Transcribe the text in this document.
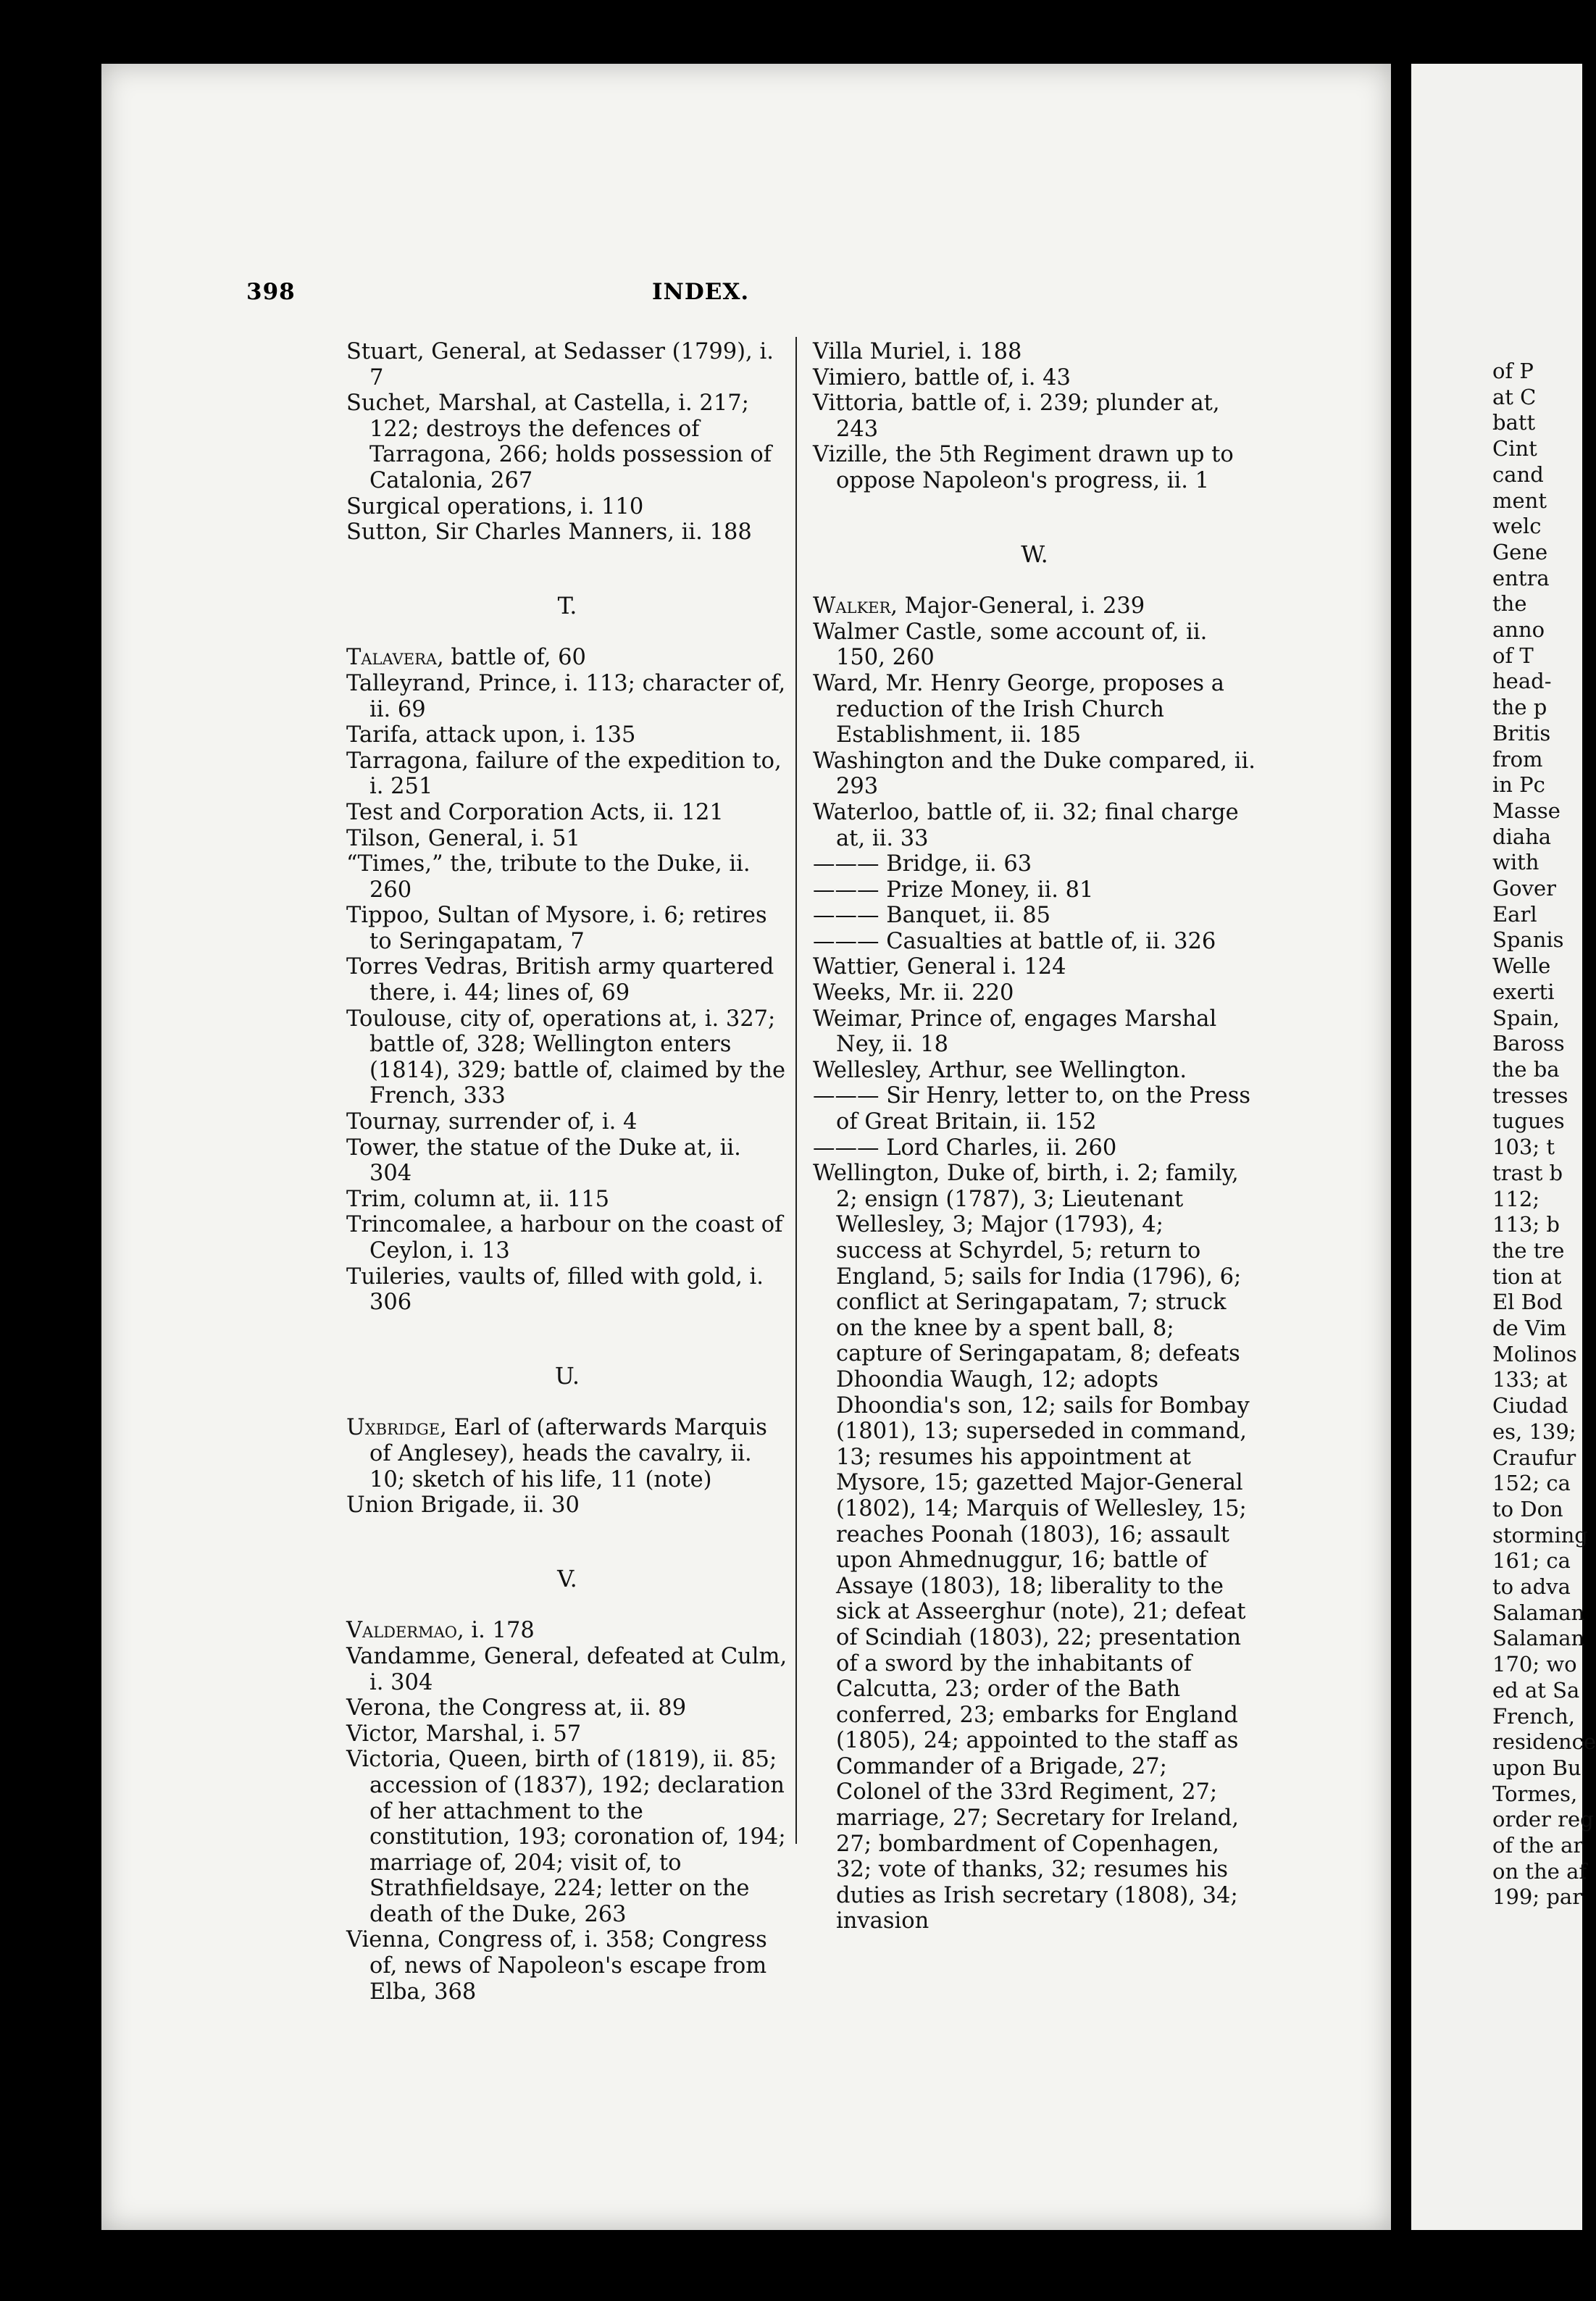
398	INDEX.
Stuart, General, at Sedasser (1799), i. 7
Suchet, Marshal, at Castella, i. 217; 122; destroys the defences of Tarragona, 266; holds possession of Catalonia, 267
Surgical operations, i. 110
Sutton, Sir Charles Manners, ii. 188
T.
Talavera, battle of, 60
Talleyrand, Prince, i. 113; character of, ii. 69
Tarifa, attack upon, i. 135
Tarragona, failure of the expedition to, i. 251
Test and Corporation Acts, ii. 121
Tilson, General, i. 51
“Times,” the, tribute to the Duke, ii. 260
Tippoo, Sultan of Mysore, i. 6; retires to Seringapatam, 7
Torres Vedras, British army quartered there, i. 44; lines of, 69
Toulouse, city of, operations at, i. 327; battle of, 328; Wellington enters (1814), 329; battle of, claimed by the French, 333
Tournay, surrender of, i. 4
Tower, the statue of the Duke at, ii. 304
Trim, column at, ii. 115
Trincomalee, a harbour on the coast of Ceylon, i. 13
Tuileries, vaults of, filled with gold, i. 306
U.
Uxbridge, Earl of (afterwards Marquis of Anglesey), heads the cavalry, ii. 10; sketch of his life, 11 (note)
Union Brigade, ii. 30
V.
Valdermao, i. 178
Vandamme, General, defeated at Culm, i. 304
Verona, the Congress at, ii. 89
Victor, Marshal, i. 57
Victoria, Queen, birth of (1819), ii. 85; accession of (1837), 192; declaration of her attachment to the constitution, 193; coronation of, 194; marriage of, 204; visit of, to Strathfieldsaye, 224; letter on the death of the Duke, 263
Vienna, Congress of, i. 358; Congress of, news of Napoleon's escape from Elba, 368
Villa Muriel, i. 188
Vimiero, battle of, i. 43
Vittoria, battle of, i. 239; plunder at, 243
Vizille, the 5th Regiment drawn up to oppose Napoleon's progress, ii. 1
W.
Walker, Major-General, i. 239
Walmer Castle, some account of, ii. 150, 260
Ward, Mr. Henry George, proposes a reduction of the Irish Church Establishment, ii. 185
Washington and the Duke compared, ii. 293
Waterloo, battle of, ii. 32; final charge at, ii. 33
——— Bridge, ii. 63
——— Prize Money, ii. 81
——— Banquet, ii. 85
——— Casualties at battle of, ii. 326
Wattier, General i. 124
Weeks, Mr. ii. 220
Weimar, Prince of, engages Marshal Ney, ii. 18
Wellesley, Arthur, see Wellington.
——— Sir Henry, letter to, on the Press of Great Britain, ii. 152
——— Lord Charles, ii. 260
Wellington, Duke of, birth, i. 2; family, 2; ensign (1787), 3; Lieutenant Wellesley, 3; Major (1793), 4; success at Schyrdel, 5; return to England, 5; sails for India (1796), 6; conflict at Seringapatam, 7; struck on the knee by a spent ball, 8; capture of Seringapatam, 8; defeats Dhoondia Waugh, 12; adopts Dhoondia's son, 12; sails for Bombay (1801), 13; superseded in command, 13; resumes his appointment at Mysore, 15; gazetted Major-General (1802), 14; Marquis of Wellesley, 15; reaches Poonah (1803), 16; assault upon Ahmednuggur, 16; battle of Assaye (1803), 18; liberality to the sick at Asseerghur (note), 21; defeat of Scindiah (1803), 22; presentation of a sword by the inhabitants of Calcutta, 23; order of the Bath conferred, 23; embarks for England (1805), 24; appointed to the staff as Commander of a Brigade, 27; Colonel of the 33rd Regiment, 27; marriage, 27; Secretary for Ireland, 27; bombardment of Copenhagen, 32; vote of thanks, 32; resumes his duties as Irish secretary (1808), 34; invasion
of P
at C
batt
Cint
cand
ment
welc
Gene
entra
the
anno
of T
head-
the p
Britis
from
in Pc
Masse
diaha
with
Gover
Earl
Spanis
Welle
exerti
Spain,
Baross
the ba
tresses
tugues
103; t
trast b
112;
113; b
the tre
tion at
El Bod
de Vim
Molinos
133; at
Ciudad
es, 139;
Craufur
152; ca
to Don
storming
161; ca
to adva
Salaman
Salaman
170; wo
ed at Sa
French,
residence
upon Bu
Tormes,
order reg
of the ar
on the af
199; par
